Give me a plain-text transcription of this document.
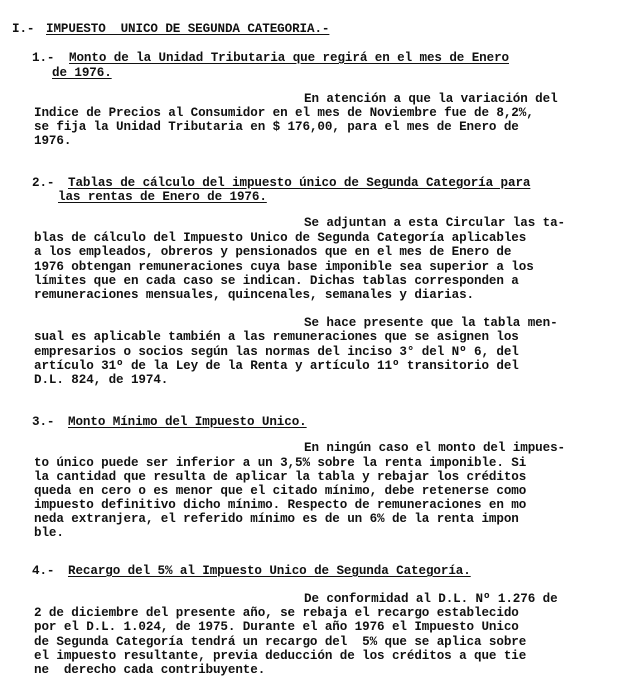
I.- IMPUESTO  UNICO DE SEGUNDA CATEGORIA.-
1.- Monto de la Unidad Tributaria que regirá en el mes de Enero
de 1976.
En atención a que la variación del
Indice de Precios al Consumidor en el mes de Noviembre fue de 8,2%,
se fija la Unidad Tributaria en $ 176,00, para el mes de Enero de
1976.
2.- Tablas de cálculo del impuesto único de Segunda Categoría para
las rentas de Enero de 1976.
Se adjuntan a esta Circular las ta-
blas de cálculo del Impuesto Unico de Segunda Categoría aplicables
a los empleados, obreros y pensionados que en el mes de Enero de
1976 obtengan remuneraciones cuya base imponible sea superior a los
límites que en cada caso se indican. Dichas tablas corresponden a
remuneraciones mensuales, quincenales, semanales y diarias.
Se hace presente que la tabla men-
sual es aplicable también a las remuneraciones que se asignen los
empresarios o socios según las normas del inciso 3° del Nº 6, del
artículo 31º de la Ley de la Renta y artículo 11º transitorio del
D.L. 824, de 1974.
3.- Monto Mínimo del Impuesto Unico.
En ningún caso el monto del impues-
to único puede ser inferior a un 3,5% sobre la renta imponible. Si
la cantidad que resulta de aplicar la tabla y rebajar los créditos
queda en cero o es menor que el citado mínimo, debe retenerse como
impuesto definitivo dicho mínimo. Respecto de remuneraciones en mo
neda extranjera, el referido mínimo es de un 6% de la renta impon
ble.
4.- Recargo del 5% al Impuesto Unico de Segunda Categoría.
De conformidad al D.L. Nº 1.276 de
2 de diciembre del presente año, se rebaja el recargo establecido
por el D.L. 1.024, de 1975. Durante el año 1976 el Impuesto Unico
de Segunda Categoría tendrá un recargo del  5% que se aplica sobre
el impuesto resultante, previa deducción de los créditos a que tie
ne  derecho cada contribuyente.
